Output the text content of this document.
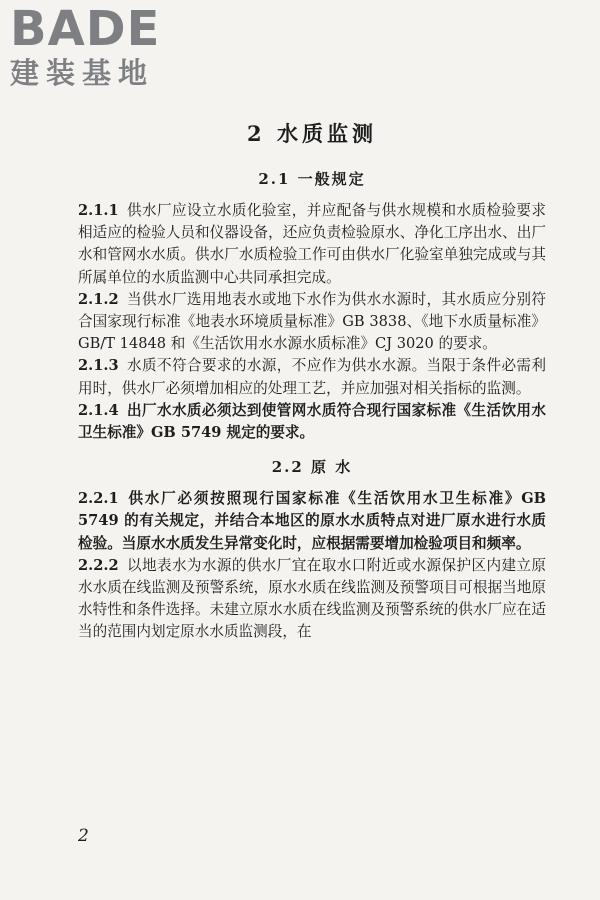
BADE
建装基地
2 水质监测
2.1 一般规定

2.1.1 供水厂应设立水质化验室，并应配备与供水规模和水质检验要求相适应的检验人员和仪器设备，还应负责检验原水、净化工序出水、出厂水和管网水水质。供水厂水质检验工作可由供水厂化验室单独完成或与其所属单位的水质监测中心共同承担完成。

2.1.2 当供水厂选用地表水或地下水作为供水水源时，其水质应分别符合国家现行标准《地表水环境质量标准》GB 3838、《地下水质量标准》GB/T 14848 和《生活饮用水水源水质标准》CJ 3020 的要求。

2.1.3 水质不符合要求的水源，不应作为供水水源。当限于条件必需利用时，供水厂必须增加相应的处理工艺，并应加强对相关指标的监测。

2.1.4 出厂水水质必须达到使管网水质符合现行国家标准《生活饮用水卫生标准》GB 5749 规定的要求。

2.2 原 水

2.2.1 供水厂必须按照现行国家标准《生活饮用水卫生标准》GB 5749 的有关规定，并结合本地区的原水水质特点对进厂原水进行水质检验。当原水水质发生异常变化时，应根据需要增加检验项目和频率。

2.2.2 以地表水为水源的供水厂宜在取水口附近或水源保护区内建立原水水质在线监测及预警系统，原水水质在线监测及预警项目可根据当地原水特性和条件选择。未建立原水水质在线监测及预警系统的供水厂应在适当的范围内划定原水水质监测段，在

2
